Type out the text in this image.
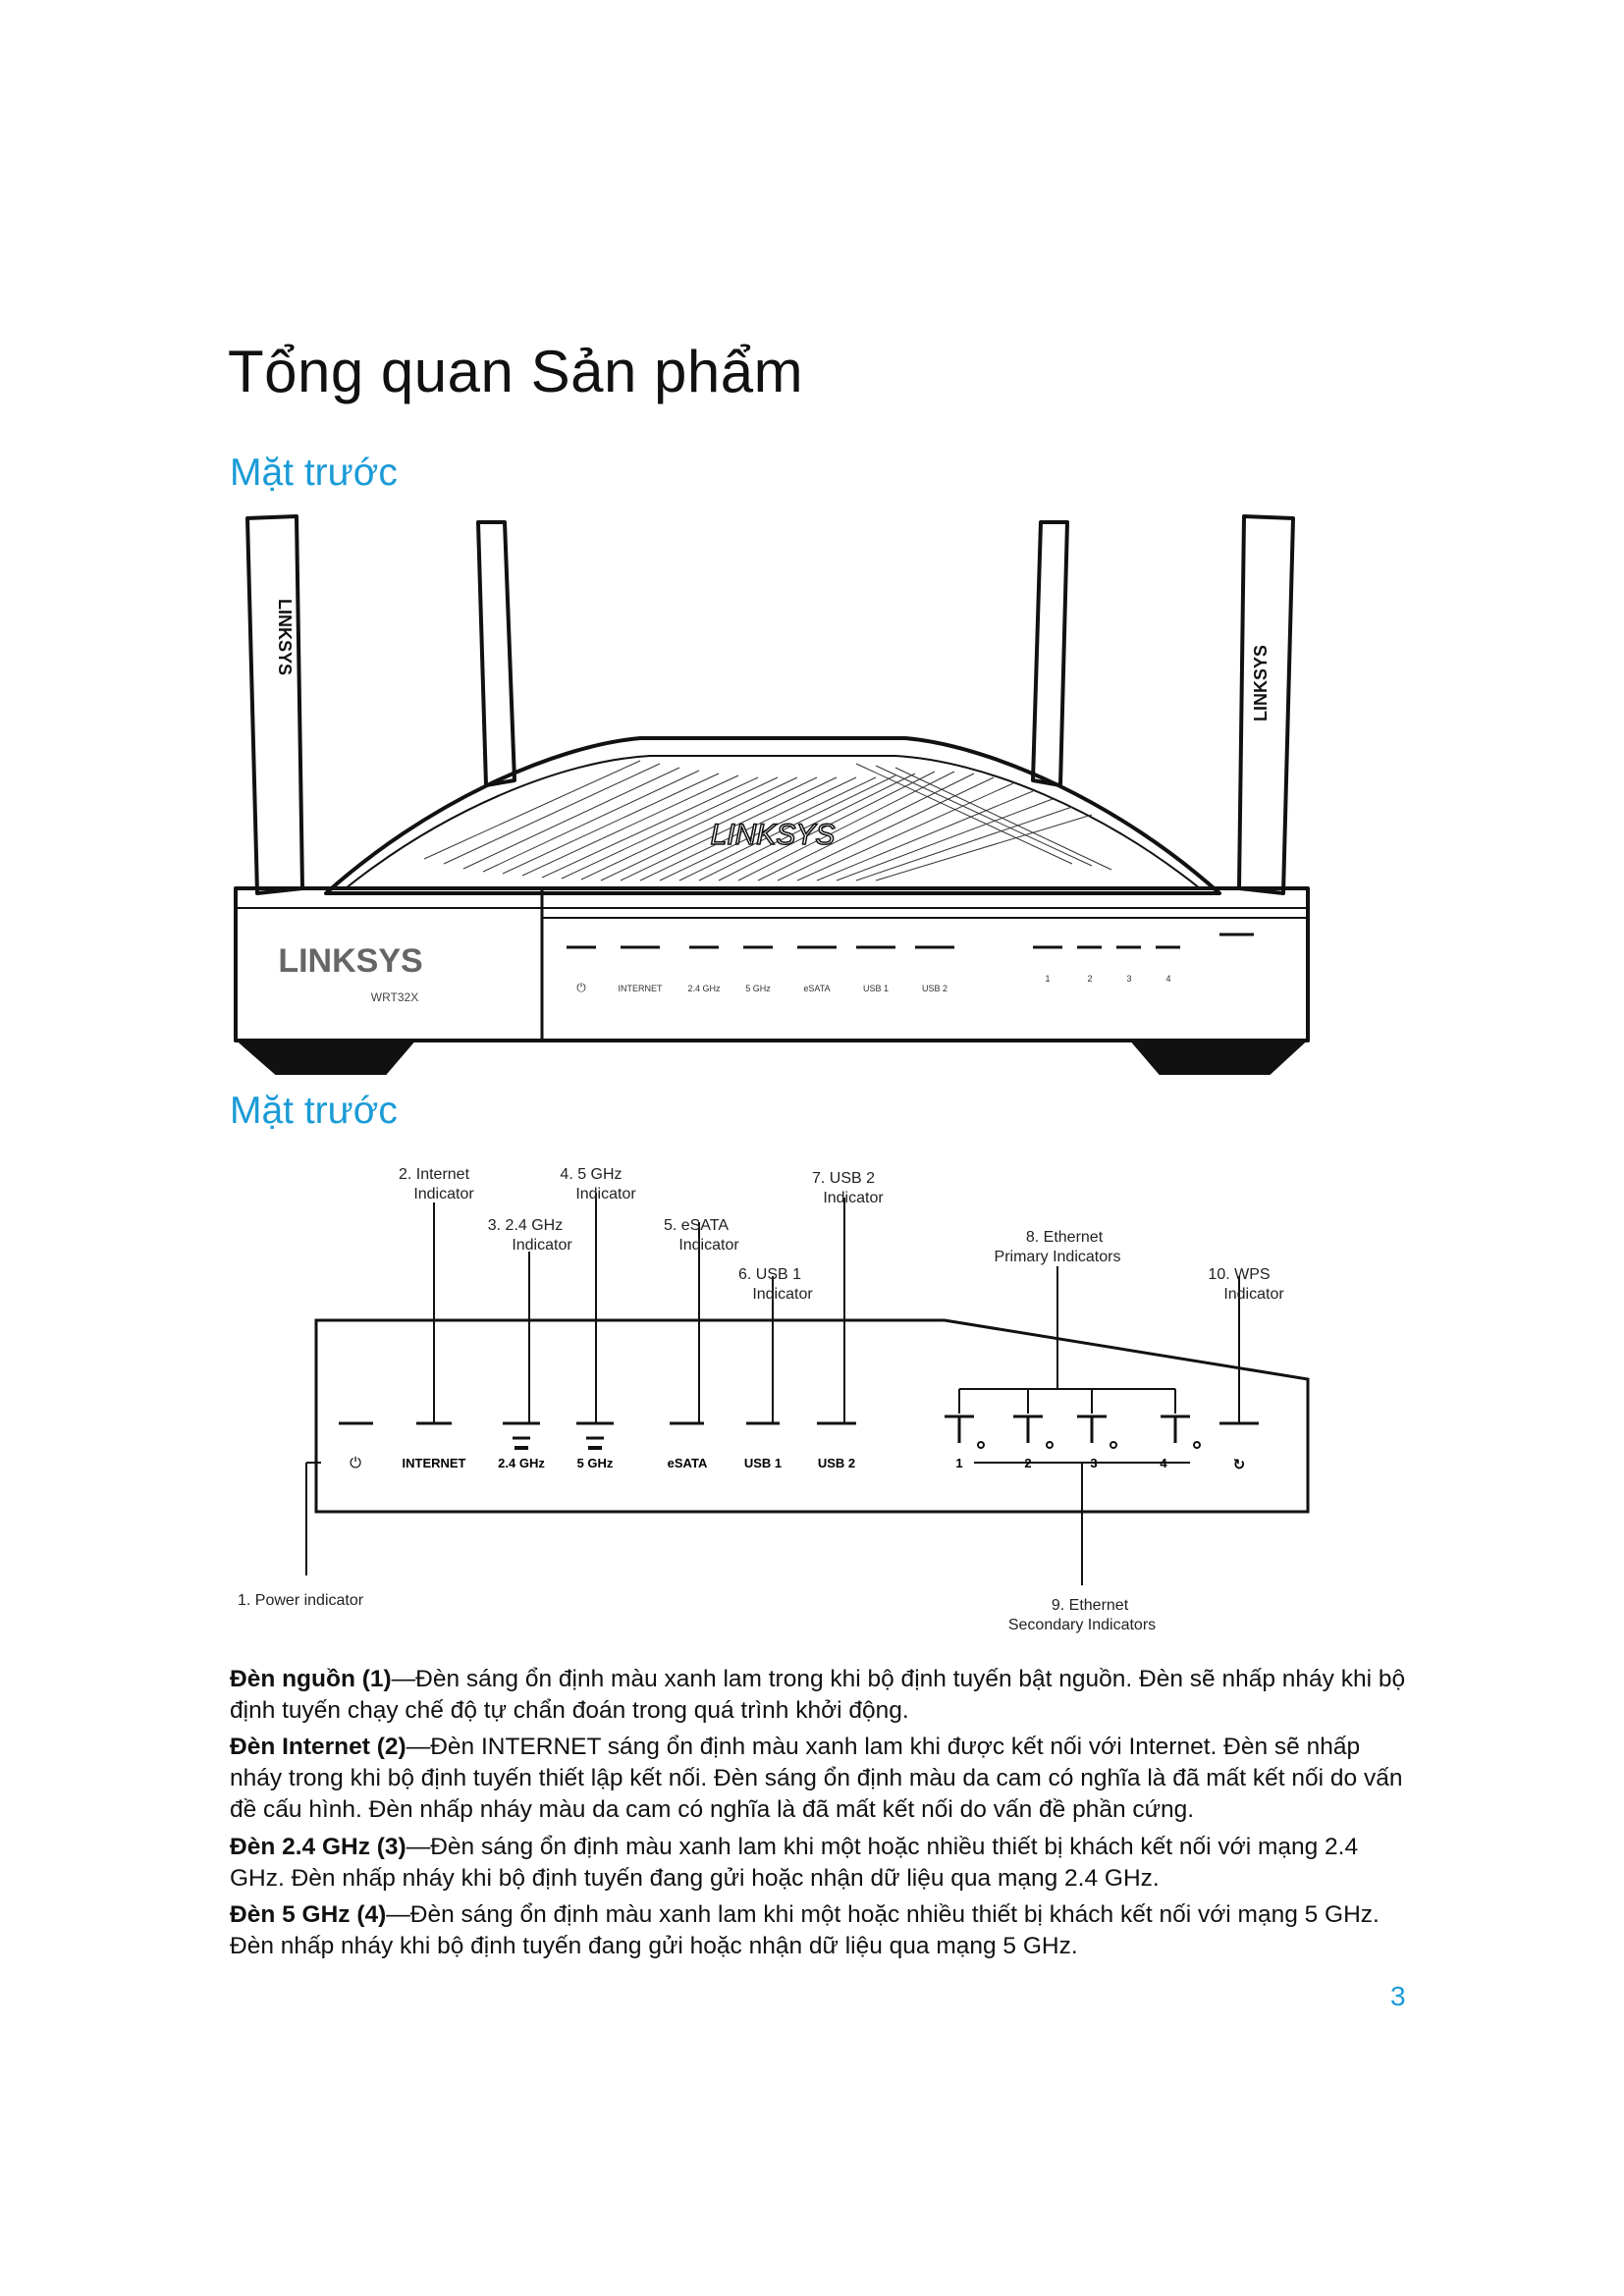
Tổng quan Sản phẩm
Mặt trước
LINKSYS
LINKSYS
LINKSYS
LINKSYS
WRT32X
⏻	INTERNET	2.4 GHz	5 GHz	eSATA	USB 1	USB 2
1	2	3	4
Mặt trước
⏻	INTERNET	2.4 GHz	5 GHz	eSATA	USB 1	USB 2	1	2	3	4	↻
2. Internet
Indicator
3. 2.4 GHz
Indicator
4. 5 GHz
Indicator
5. eSATA
Indicator
6. USB 1
Indicator
7. USB 2
Indicator
8. Ethernet
Primary Indicators
10. WPS
Indicator
1. Power indicator	9. Ethernet
Secondary Indicators

Đèn nguồn (1)—Đèn sáng ổn định màu xanh lam trong khi bộ định tuyến bật nguồn. Đèn sẽ nhấp nháy khi bộ định tuyến chạy chế độ tự chẩn đoán trong quá trình khởi động.

Đèn Internet (2)—Đèn INTERNET sáng ổn định màu xanh lam khi được kết nối với Internet. Đèn sẽ nhấp nháy trong khi bộ định tuyến thiết lập kết nối. Đèn sáng ổn định màu da cam có nghĩa là đã mất kết nối do vấn đề cấu hình. Đèn nhấp nháy màu da cam có nghĩa là đã mất kết nối do vấn đề phần cứng.

Đèn 2.4 GHz (3)—Đèn sáng ổn định màu xanh lam khi một hoặc nhiều thiết bị khách kết nối với mạng 2.4 GHz. Đèn nhấp nháy khi bộ định tuyến đang gửi hoặc nhận dữ liệu qua mạng 2.4 GHz.

Đèn 5 GHz (4)—Đèn sáng ổn định màu xanh lam khi một hoặc nhiều thiết bị khách kết nối với mạng 5 GHz. Đèn nhấp nháy khi bộ định tuyến đang gửi hoặc nhận dữ liệu qua mạng 5 GHz.

3
